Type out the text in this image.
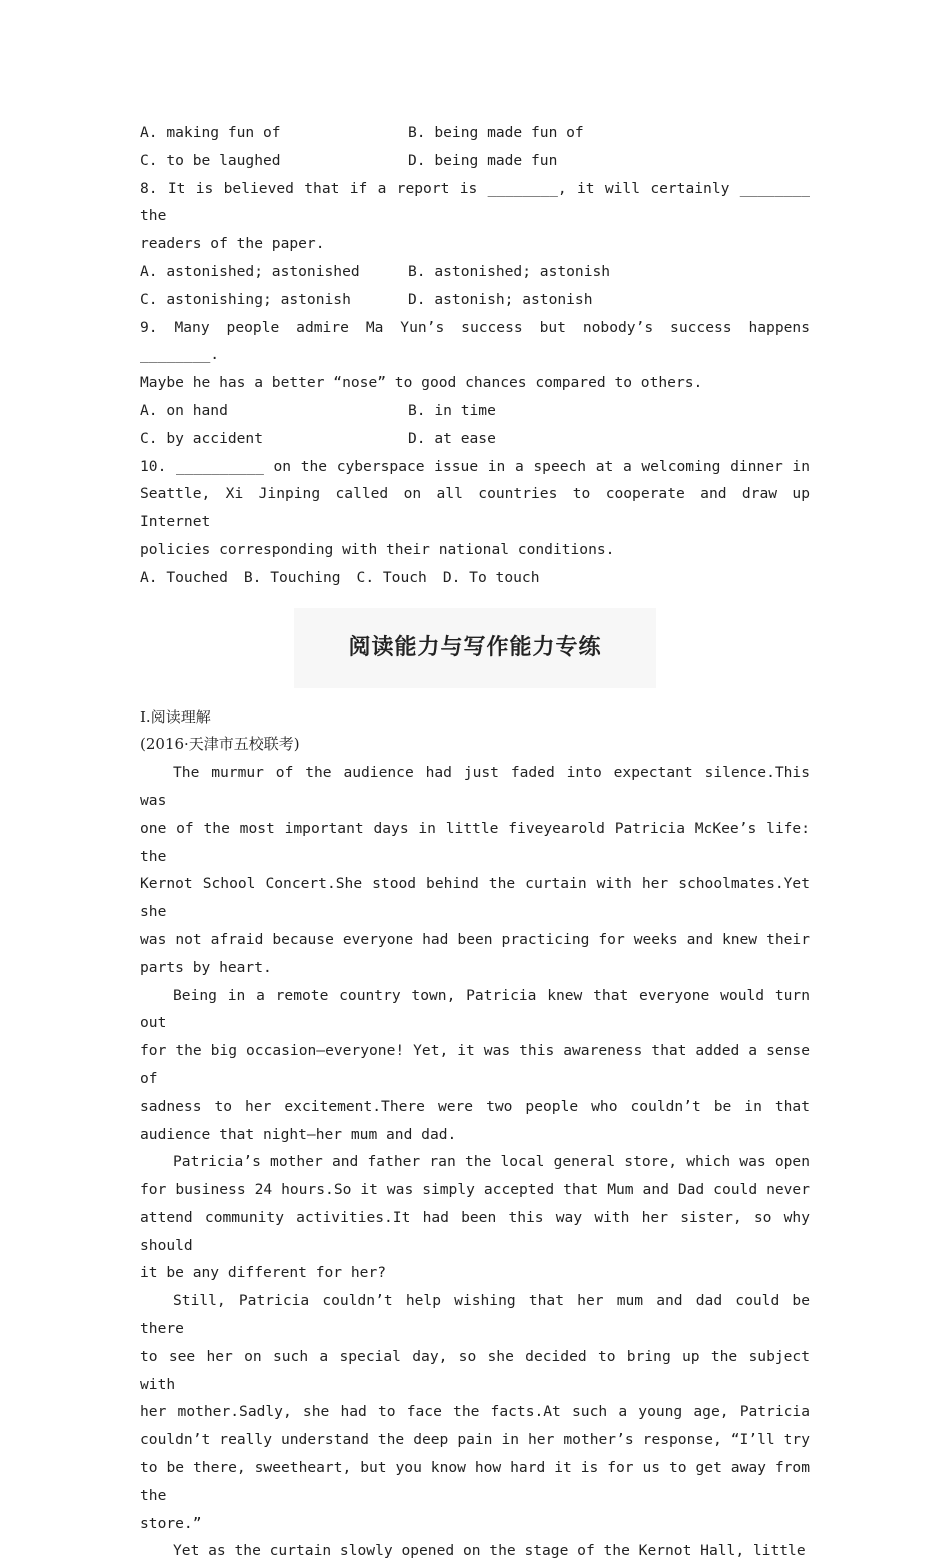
A. making fun of	B. being made fun of
C. to be laughed	D. being made fun
8. It is believed that if a report is ________, it will certainly ________ the
readers of the paper.
A. astonished; astonished	B. astonished; astonish
C. astonishing; astonish	D. astonish; astonish
9. Many people admire Ma Yun’s success but nobody’s success happens ________.
Maybe he has a better “nose” to good chances compared to others.
A. on hand	B. in time
C. by accident	D. at ease
10. __________ on the cyberspace issue in a speech at a welcoming dinner in
Seattle, Xi Jinping called on all countries to cooperate and draw up Internet
policies corresponding with their national conditions.
A. Touched B. Touching C. Touch D. To touch
阅读能力与写作能力专练
Ⅰ.阅读理解
(2016·天津市五校联考)
The murmur of the audience had just faded into expectant silence.This was
one of the most important days in little fiveyearold Patricia McKee’s life: the
Kernot School Concert.She stood behind the curtain with her schoolmates.Yet she
was not afraid because everyone had been practicing for weeks and knew their
parts by heart.
Being in a remote country town, Patricia knew that everyone would turn out
for the big occasion—everyone! Yet, it was this awareness that added a sense of
sadness to her excitement.There were two people who couldn’t be in that
audience that night—her mum and dad.
Patricia’s mother and father ran the local general store, which was open
for business 24 hours.So it was simply accepted that Mum and Dad could never
attend community activities.It had been this way with her sister, so why should
it be any different for her?
Still, Patricia couldn’t help wishing that her mum and dad could be there
to see her on such a special day, so she decided to bring up the subject with
her mother.Sadly, she had to face the facts.At such a young age, Patricia
couldn’t really understand the deep pain in her mother’s response, “I’ll try
to be there, sweetheart, but you know how hard it is for us to get away from the
store.”
Yet as the curtain slowly opened on the stage of the Kernot Hall, little
